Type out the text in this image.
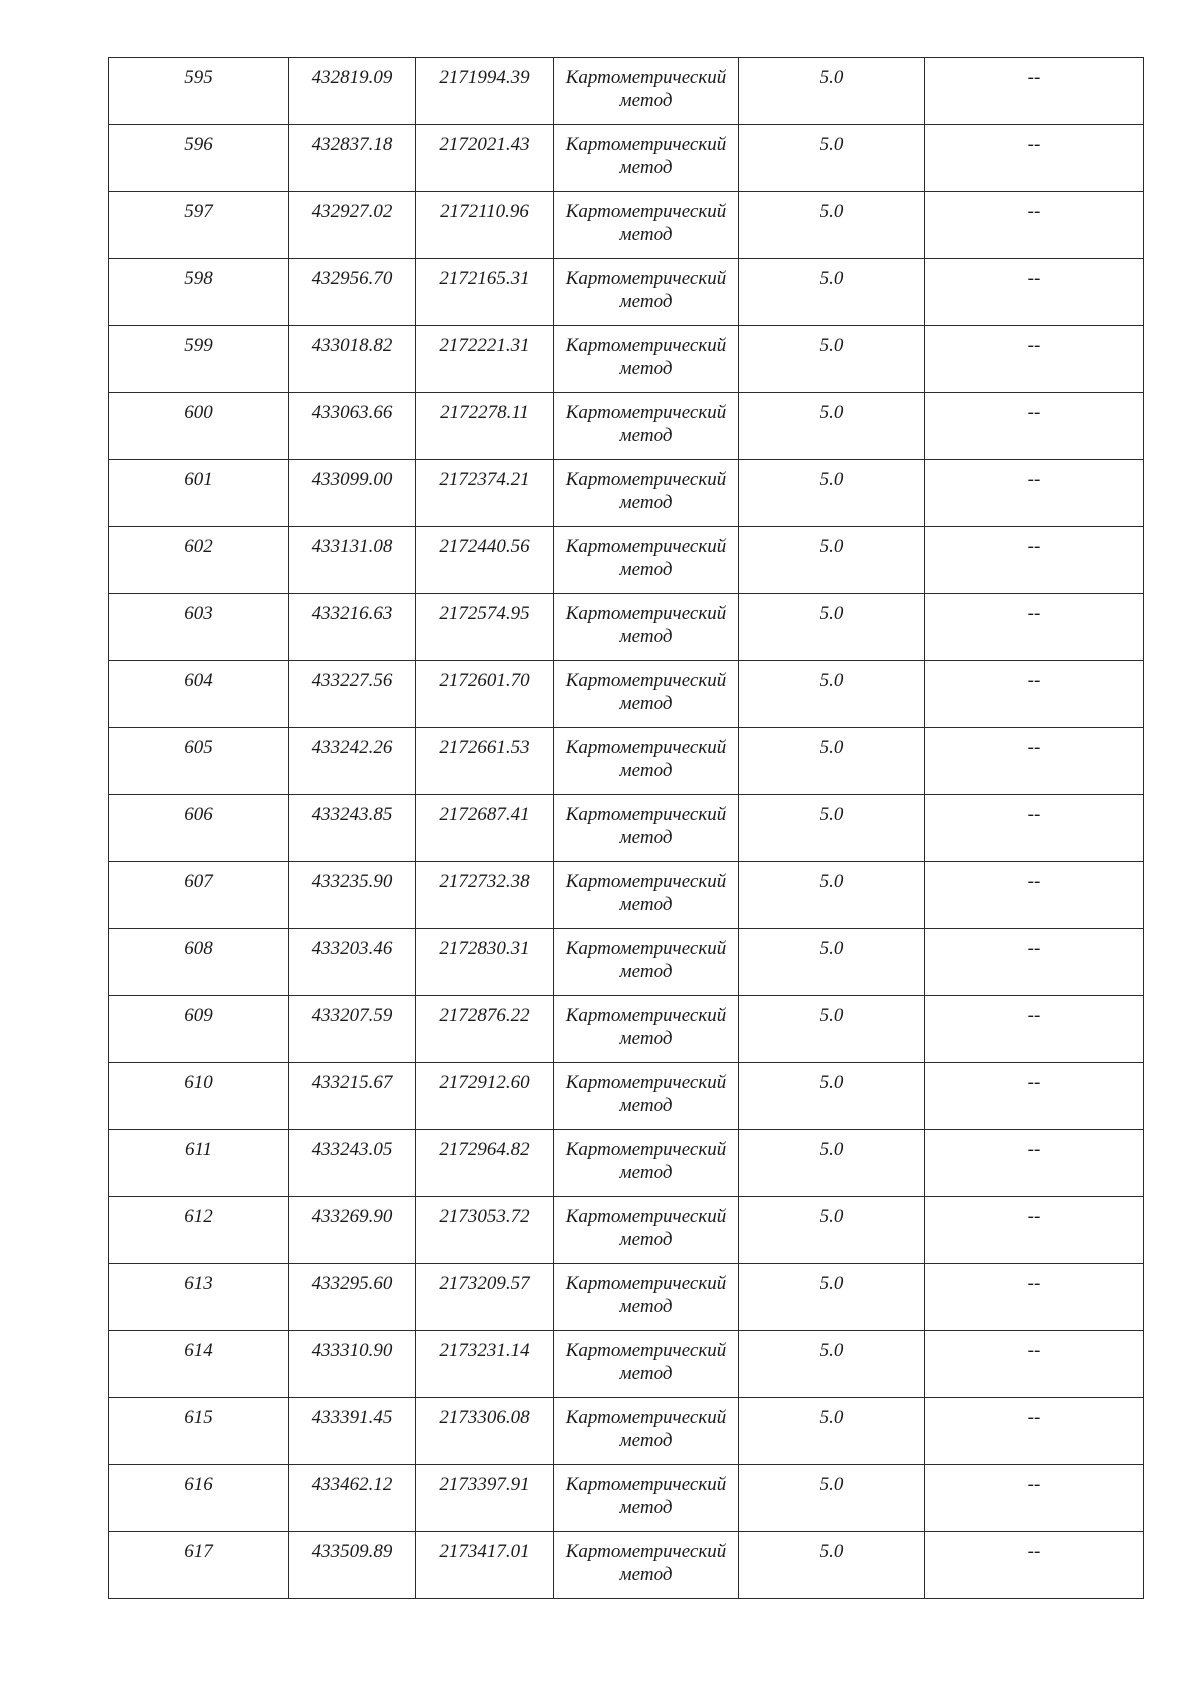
595	432819.09	2171994.39	Картометрический
метод	5.0	--

596	432837.18	2172021.43	Картометрический
метод	5.0	--

597	432927.02	2172110.96	Картометрический
метод	5.0	--

598	432956.70	2172165.31	Картометрический
метод	5.0	--

599	433018.82	2172221.31	Картометрический
метод	5.0	--

600	433063.66	2172278.11	Картометрический
метод	5.0	--

601	433099.00	2172374.21	Картометрический
метод	5.0	--

602	433131.08	2172440.56	Картометрический
метод	5.0	--

603	433216.63	2172574.95	Картометрический
метод	5.0	--

604	433227.56	2172601.70	Картометрический
метод	5.0	--

605	433242.26	2172661.53	Картометрический
метод	5.0	--

606	433243.85	2172687.41	Картометрический
метод	5.0	--

607	433235.90	2172732.38	Картометрический
метод	5.0	--

608	433203.46	2172830.31	Картометрический
метод	5.0	--

609	433207.59	2172876.22	Картометрический
метод	5.0	--

610	433215.67	2172912.60	Картометрический
метод	5.0	--

611	433243.05	2172964.82	Картометрический
метод	5.0	--

612	433269.90	2173053.72	Картометрический
метод	5.0	--

613	433295.60	2173209.57	Картометрический
метод	5.0	--

614	433310.90	2173231.14	Картометрический
метод	5.0	--

615	433391.45	2173306.08	Картометрический
метод	5.0	--

616	433462.12	2173397.91	Картометрический
метод	5.0	--

617	433509.89	2173417.01	Картометрический
метод	5.0	--
